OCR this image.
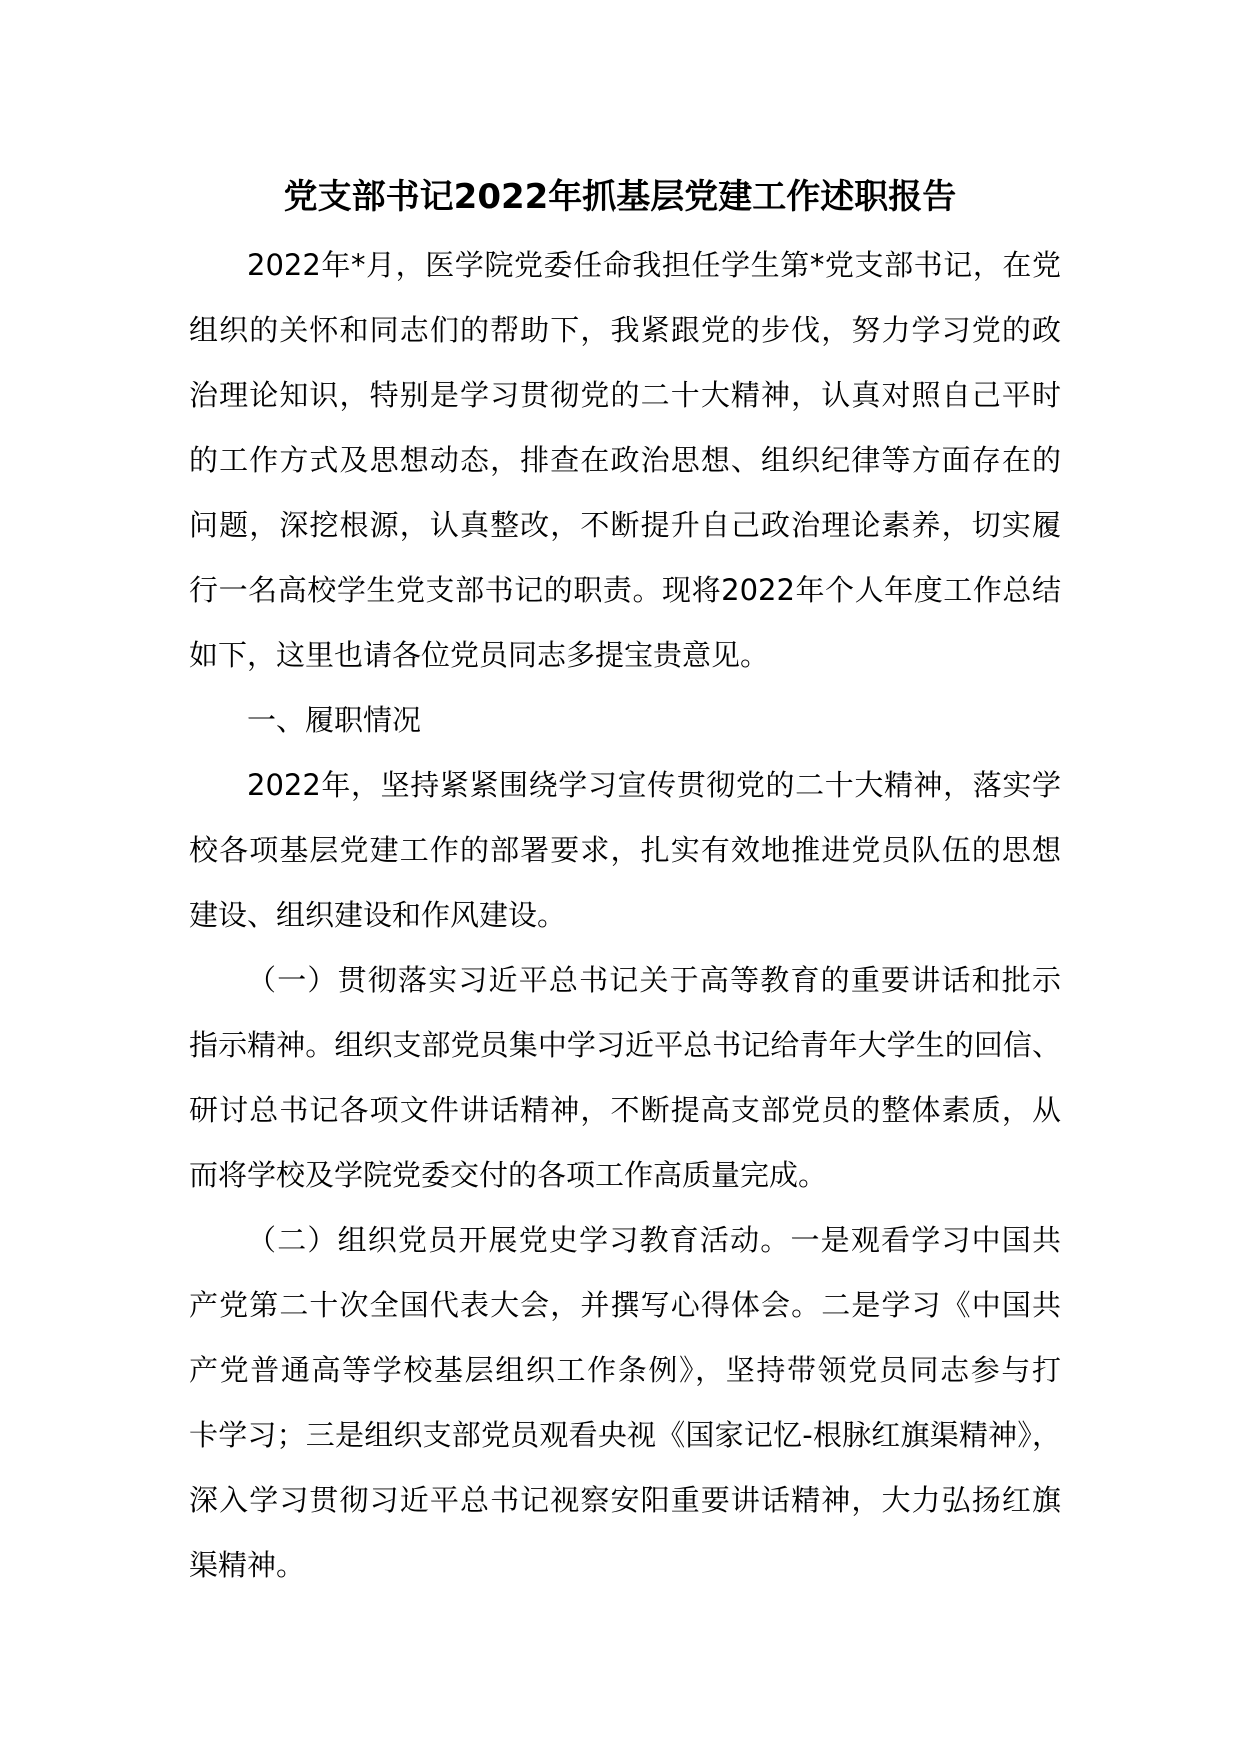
党支部书记2022年抓基层党建工作述职报告
2022年*月，医学院党委任命我担任学生第*党支部书记，在党
组织的关怀和同志们的帮助下，我紧跟党的步伐，努力学习党的政
治理论知识，特别是学习贯彻党的二十大精神，认真对照自己平时
的工作方式及思想动态，排查在政治思想、组织纪律等方面存在的
问题，深挖根源，认真整改，不断提升自己政治理论素养，切实履
行一名高校学生党支部书记的职责。现将2022年个人年度工作总结
如下，这里也请各位党员同志多提宝贵意见。
一、履职情况
2022年，坚持紧紧围绕学习宣传贯彻党的二十大精神，落实学
校各项基层党建工作的部署要求，扎实有效地推进党员队伍的思想
建设、组织建设和作风建设。
（一）贯彻落实习近平总书记关于高等教育的重要讲话和批示
指示精神。组织支部党员集中学习近平总书记给青年大学生的回信、
研讨总书记各项文件讲话精神，不断提高支部党员的整体素质，从
而将学校及学院党委交付的各项工作高质量完成。
（二）组织党员开展党史学习教育活动。一是观看学习中国共
产党第二十次全国代表大会，并撰写心得体会。二是学习《中国共
产党普通高等学校基层组织工作条例》，坚持带领党员同志参与打
卡学习；三是组织支部党员观看央视《国家记忆-根脉红旗渠精神》，
深入学习贯彻习近平总书记视察安阳重要讲话精神，大力弘扬红旗
渠精神。
